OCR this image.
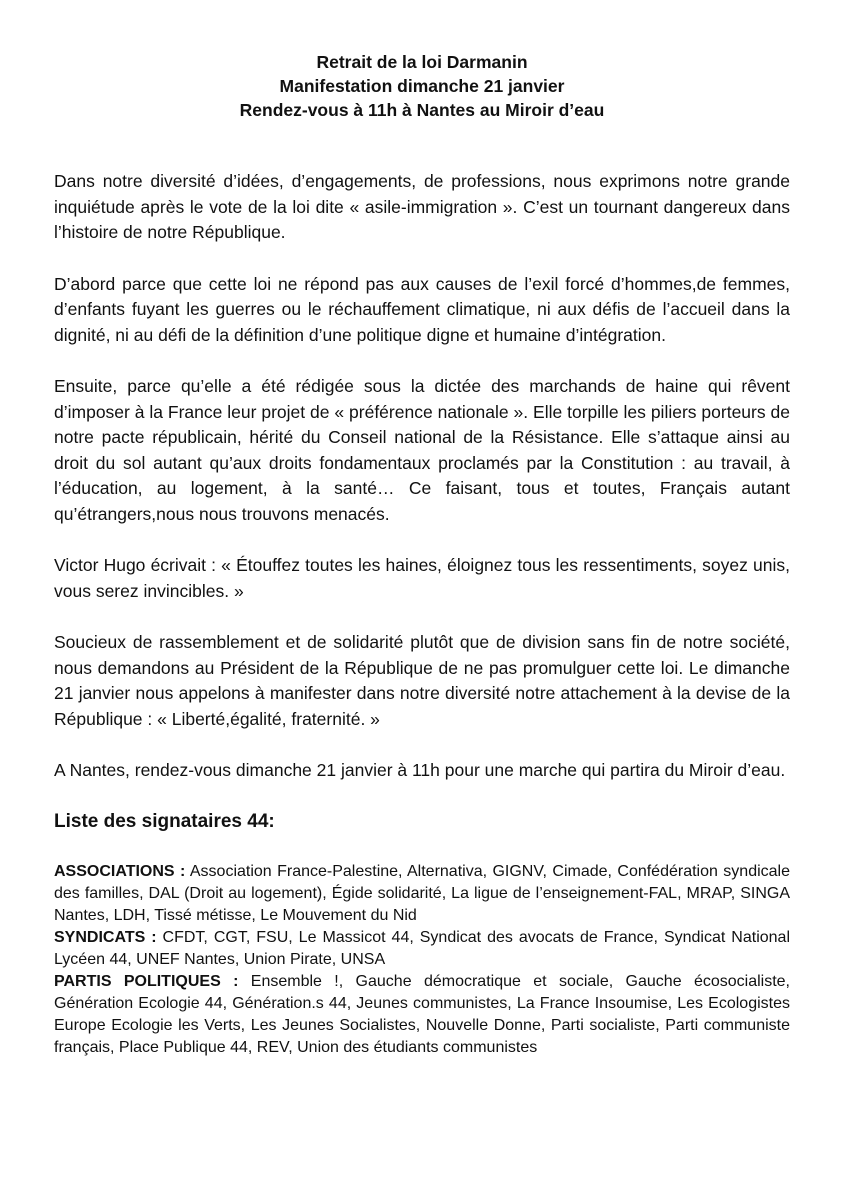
Retrait de la loi Darmanin
Manifestation dimanche 21 janvier
Rendez-vous à 11h à Nantes au Miroir d’eau

Dans notre diversité d’idées, d’engagements, de professions, nous exprimons notre grande inquiétude après le vote de la loi dite « asile-immigration ». C’est un tournant dangereux dans l’histoire de notre République.

D’abord parce que cette loi ne répond pas aux causes de l’exil forcé d’hommes,de femmes, d’enfants fuyant les guerres ou le réchauffement climatique, ni aux défis de l’accueil dans la dignité, ni au défi de la définition d’une politique digne et humaine d’intégration.

Ensuite, parce qu’elle a été rédigée sous la dictée des marchands de haine qui rêvent d’imposer à la France leur projet de « préférence nationale ». Elle torpille les piliers porteurs de notre pacte républicain, hérité du Conseil national de la Résistance. Elle s’attaque ainsi au droit du sol autant qu’aux droits fondamentaux proclamés par la Constitution : au travail, à l’éducation, au logement, à la santé… Ce faisant, tous et toutes, Français autant qu’étrangers,nous nous trouvons menacés.

Victor Hugo écrivait : « Étouffez toutes les haines, éloignez tous les ressentiments, soyez unis, vous serez invincibles. »

Soucieux de rassemblement et de solidarité plutôt que de division sans fin de notre société, nous demandons au Président de la République de ne pas promulguer cette loi. Le dimanche 21 janvier nous appelons à manifester dans notre diversité notre attachement à la devise de la République : « Liberté,égalité, fraternité. »

A Nantes, rendez-vous dimanche 21 janvier à 11h pour une marche qui partira du Miroir d’eau.

Liste des signataires 44:

ASSOCIATIONS : Association France-Palestine, Alternativa, GIGNV, Cimade, Confédération syndicale des familles, DAL (Droit au logement), Égide solidarité, La ligue de l’enseignement-FAL, MRAP, SINGA Nantes, LDH, Tissé métisse, Le Mouvement du Nid

SYNDICATS : CFDT, CGT, FSU, Le Massicot 44, Syndicat des avocats de France, Syndicat National Lycéen 44, UNEF Nantes, Union Pirate, UNSA

PARTIS POLITIQUES : Ensemble !, Gauche démocratique et sociale, Gauche écosocialiste, Génération Ecologie 44, Génération.s 44, Jeunes communistes, La France Insoumise, Les Ecologistes Europe Ecologie les Verts, Les Jeunes Socialistes, Nouvelle Donne, Parti socialiste, Parti communiste français, Place Publique 44, REV, Union des étudiants communistes
